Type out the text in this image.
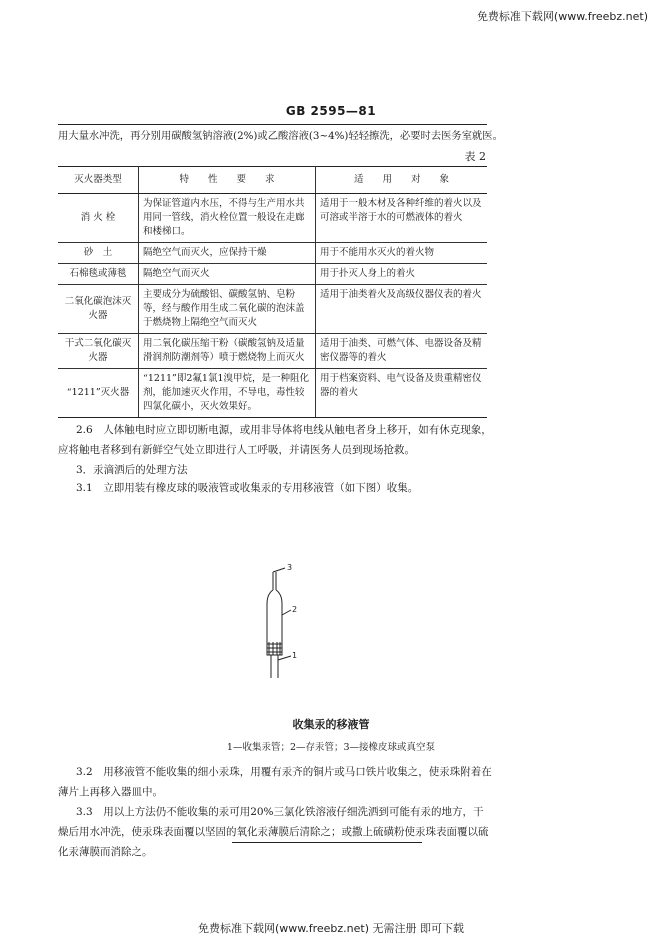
免费标准下载网(www.freebz.net)
GB 2595—81
用大量水冲洗，再分别用碳酸氢钠溶液(2%)或乙酸溶液(3~4%)轻轻擦洗，必要时去医务室就医。
表 2
灭火器类型	特　　性　　要　　求	适　　用　　对　　象
消 火 栓	为保证管道内水压，不得与生产用水共用同一管线，消火栓位置一般设在走廊和楼梯口。	适用于一般木材及各种纤维的着火以及可溶或半溶于水的可燃液体的着火
砂　土	隔绝空气而灭火，应保持干燥	用于不能用水灭火的着火物
石棉毯或薄毯	隔绝空气而灭火	用于扑灭人身上的着火
二氧化碳泡沫灭火器	主要成分为硫酸铝、碳酸氢钠、皂粉等，经与酸作用生成二氧化碳的泡沫盖于燃烧物上隔绝空气而灭火	适用于油类着火及高级仪器仪表的着火
干式二氧化碳灭火器	用二氧化碳压缩干粉（碳酸氢钠及适量滑润剂防潮剂等）喷于燃烧物上而灭火	适用于油类、可燃气体、电器设备及精密仪器等的着火
“1211”灭火器	“1211”即2氟1氯1溴甲烷，是一种阻化剂，能加速灭火作用，不导电，毒性较四氯化碳小，灭火效果好。	用于档案资料、电气设备及贵重精密仪器的着火
2.6　人体触电时应立即切断电源，或用非导体将电线从触电者身上移开，如有休克现象，应将触电者移到有新鲜空气处立即进行人工呼吸，并请医务人员到现场抢救。
3．汞滴洒后的处理方法
3.1　立即用装有橡皮球的吸液管或收集汞的专用移液管（如下图）收集。
3
2
1
收集汞的移液管
1—收集汞管；2—存汞管；3—接橡皮球或真空泵
3.2　用移液管不能收集的细小汞珠，用覆有汞齐的铜片或马口铁片收集之，使汞珠附着在薄片上再移入器皿中。
3.3　用以上方法仍不能收集的汞可用20%三氯化铁溶液仔细洗洒到可能有汞的地方，干燥后用水冲洗，使汞珠表面覆以坚固的氧化汞薄膜后清除之；或撒上硫磺粉使汞珠表面覆以硫化汞薄膜而消除之。
免费标准下载网(www.freebz.net) 无需注册 即可下载
